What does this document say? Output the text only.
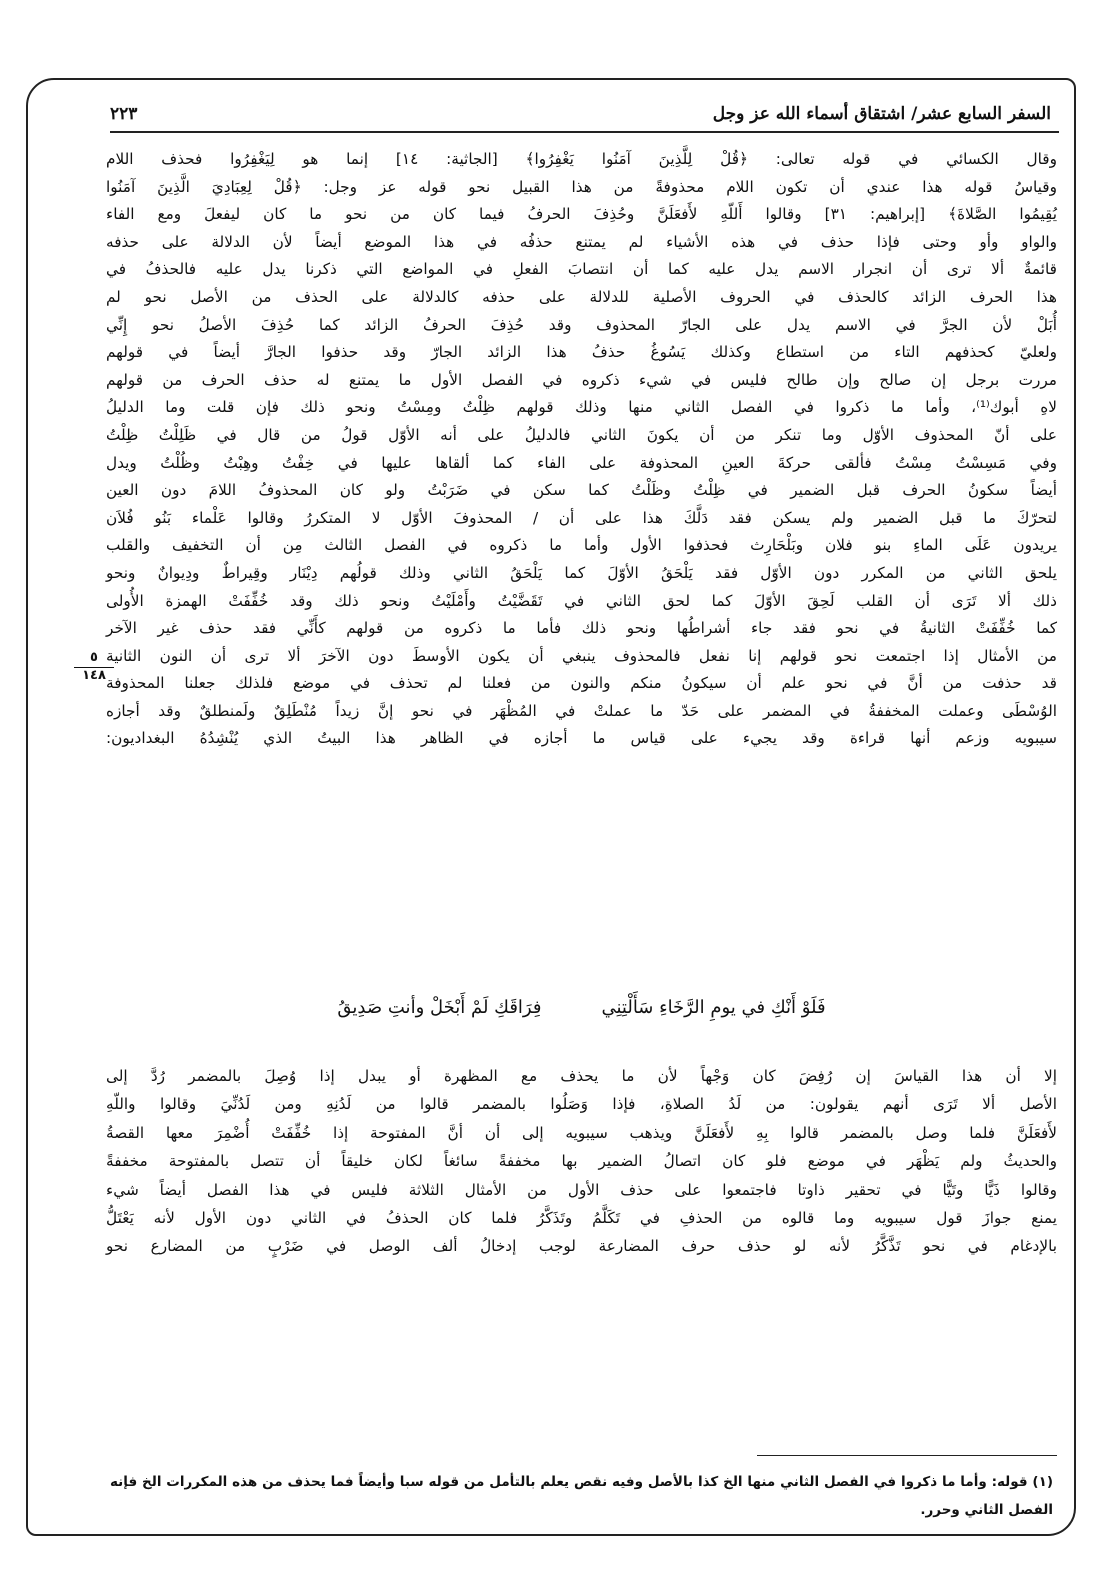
السفر السابع عشر/ اشتقاق أسماء الله عز وجل
٢٢٣

وقال الكسائي في قوله تعالى: ﴿قُلْ لِلَّذِينَ آمَنُوا يَغْفِرُوا﴾ [الجاثية: ١٤] إنما هو لِيَغْفِرُوا فحذف اللام

وقياسُ قوله هذا عندي أن تكون اللام محذوفةً من هذا القبيل نحو قوله عز وجل: ﴿قُلْ لِعِبَادِيَ الَّذِينَ آمَنُوا

يُقِيمُوا الصَّلاةَ﴾ [إبراهيم: ٣١] وقالوا أَللّهِ لأَفعَلَنَّ وحُذِفَ الحرفُ فيما كان من نحو ما كان ليفعلَ ومع الفاء

والواو وأو وحتى فإذا حذف في هذه الأشياء لم يمتنع حذفُه في هذا الموضع أيضاً لأن الدلالة على حذفه

قائمةٌ ألا ترى أن انجرار الاسم يدل عليه كما أن انتصابَ الفعلِ في المواضع التي ذكرنا يدل عليه فالحذفُ في

هذا الحرف الزائد كالحذف في الحروف الأصلية للدلالة على حذفه كالدلالة على الحذف من الأصل نحو لم

أُبَلْ لأن الجرَّ في الاسم يدل على الجارّ المحذوف وقد حُذِفَ الحرفُ الزائد كما حُذِفَ الأصلُ نحو إِنِّي

ولعليّ كحذفهم التاء من استطاع وكذلك يَسُوغُ حذفُ هذا الزائد الجارّ وقد حذفوا الجارَّ أيضاً في قولهم

مررت برجل إن صالح وإن طالح فليس في شيء ذكروه في الفصل الأول ما يمتنع له حذف الحرف من قولهم

لاهِ أبوك⁽¹⁾، وأما ما ذكروا في الفصل الثاني منها وذلك قولهم ظِلْتُ ومِسْتُ ونحو ذلك فإن قلت وما الدليلُ

على أنّ المحذوف الأوّل وما تنكر من أن يكونَ الثاني فالدليلُ على أنه الأوّل قولُ من قال في ظَلِلْتُ ظِلْتُ

وفي مَسِسْتُ مِسْتُ فألقى حركةَ العينِ المحذوفة على الفاء كما ألقاها عليها في خِفْتُ وهِبْتُ وظُلْتُ ويدل

أيضاً سكونُ الحرف قبل الضمير في ظِلْتُ وظَلْتُ كما سكن في ضَرَبْتُ ولو كان المحذوفُ اللامَ دون العين

لتحرّكَ ما قبل الضمير ولم يسكن فقد دَلَّكَ هذا على أن / المحذوفَ الأوّل لا المتكررُ وقالوا عَلْماء بَنُو فُلاَن

يريدون عَلَى الماءِ بنو فلان وبَلْحَارِث فحذفوا الأول وأما ما ذكروه في الفصل الثالث مِن أن التخفيف والقلب

يلحق الثاني من المكرر دون الأوّل فقد يَلْحَقُ الأوّلَ كما يَلْحَقُ الثاني وذلك قولُهم دِيْنَار وقِيراطٌ ودِيوانٌ ونحو

ذلك ألا تَرَى أن القلب لَحِقَ الأوّلَ كما لحق الثاني في تَقَضَّيْتُ وأَمْلَيْتُ ونحو ذلك وقد خُفِّفَتْ الهمزة الأُولى

كما خُفِّفَتْ الثانيةُ في نحو فقد جاء أشراطُها ونحو ذلك فأما ما ذكروه من قولهم كأَنِّي فقد حذف غير الآخر

من الأمثال إذا اجتمعت نحو قولهم إنا نفعل فالمحذوف ينبغي أن يكون الأوسطَ دون الآخرَ ألا ترى أن النون الثانية

قد حذفت من أنَّ في نحو علم أن سيكونُ منكم والنون من فعلنا لم تحذف في موضع فلذلك جعلنا المحذوفة

الوُسْطَى وعملت المخففةُ في المضمر على حَدّ ما عملتْ في المُظْهَر في نحو إنَّ زيداً مُنْطَلِقٌ ولَمنطلقٌ وقد أجازه

سيبويه وزعم أنها قراءة وقد يجيء على قياس ما أجازه في الظاهر هذا البيتُ الذي يُنْشِدُهُ البغداديون:

٥
١٤٨
فَلَوْ أَنْكِ في يومِ الرَّخَاءِ سَأَلْتِنِي
فِرَاقَكِ لَمْ أَبْخَلْ وأنتِ صَدِيقُ

إلا أن هذا القياسَ إن رُفِضَ كان وَجْهاً لأن ما يحذف مع المظهرة أو يبدل إذا وُصِلَ بالمضمر رُدَّ إلى

الأصل ألا تَرَى أنهم يقولون: من لَدُ الصلاةِ، فإذا وَصَلُوا بالمضمر قالوا من لَدُنِهِ ومن لَدُنِّيَ وقالوا واللّهِ

لأَفعَلَنَّ فلما وصل بالمضمر قالوا بِهِ لأَفعَلَنَّ ويذهب سيبويه إلى أن أنَّ المفتوحة إذا خُفِّفَتْ أُضْمِرَ معها القصةُ

والحديثُ ولم يَظْهَر في موضع فلو كان اتصالُ الضمير بها مخففةً سائغاً لكان خليقاً أن تتصل بالمفتوحة مخففةً

وقالوا ذَيًّا وتَيًّا في تحقير ذاوتا فاجتمعوا على حذف الأول من الأمثال الثلاثة فليس في هذا الفصل أيضاً شيء

يمنع جوازَ قول سيبويه وما قالوه من الحذفِ في تَكَلَّمُ وتَذَكَّرُ فلما كان الحذفُ في الثاني دون الأول لأنه يَعْتَلُّ

بالإدغام في نحو تَذَّكَّرُ لأنه لو حذف حرف المضارعة لوجب إدخالُ ألف الوصل في ضَرْبٍ من المضارع نحو

(١) قوله: وأما ما ذكروا في الفصل الثاني منها الخ كذا بالأصل وفيه نقص يعلم بالتأمل من قوله سبا وأيضاً فما يحذف من هذه المكررات الخ فإنه الفصل الثاني وحرر.
